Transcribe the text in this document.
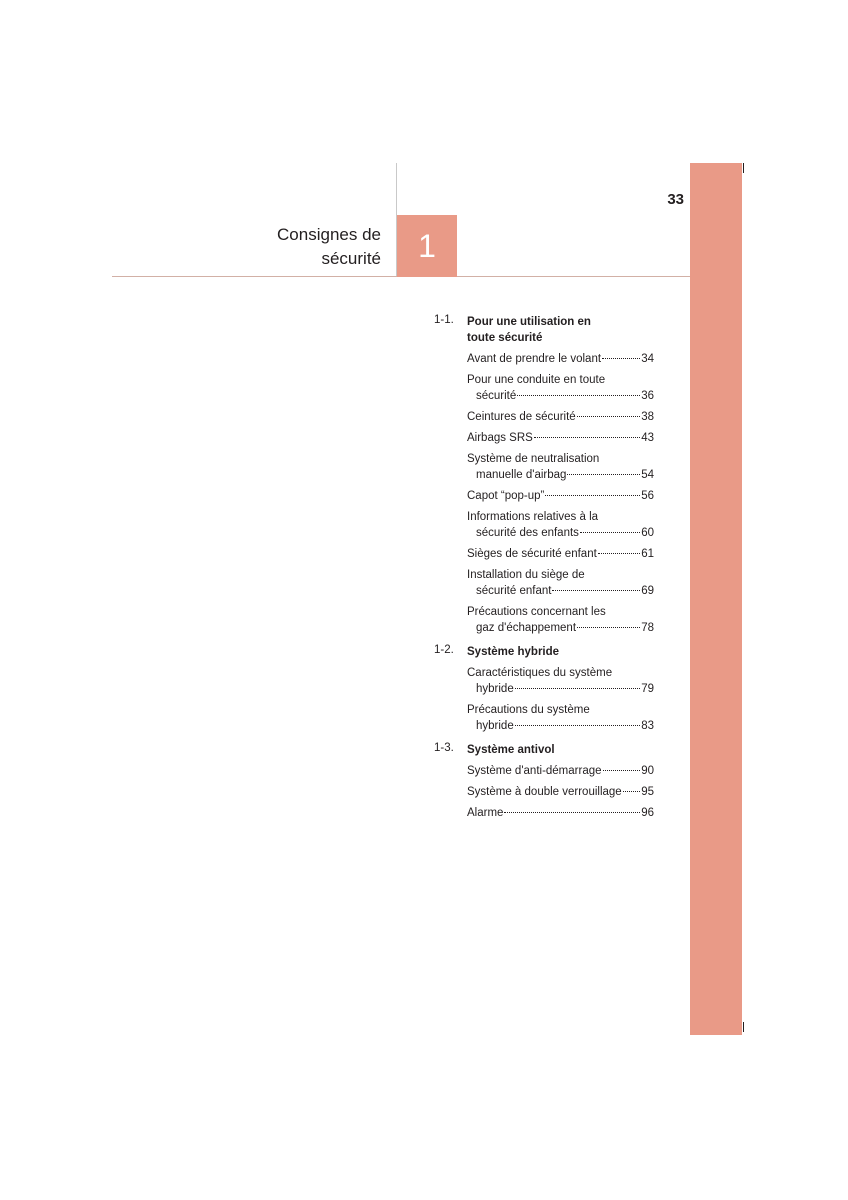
Consignes de
sécurité 1
33
1-1.	Pour une utilisation en toute sécurité
Avant de prendre le volant	34
Pour une conduite en toute
sécurité	36
Ceintures de sécurité	38
Airbags SRS	43
Système de neutralisation
manuelle d'airbag	54
Capot “pop-up”	56
Informations relatives à la
sécurité des enfants	60
Sièges de sécurité enfant	61
Installation du siège de
sécurité enfant	69
Précautions concernant les
gaz d'échappement	78
1-2.	Système hybride
Caractéristiques du système
hybride	79
Précautions du système
hybride	83
1-3.	Système antivol
Système d'anti-démarrage	90
Système à double verrouillage 95
Alarme	96
